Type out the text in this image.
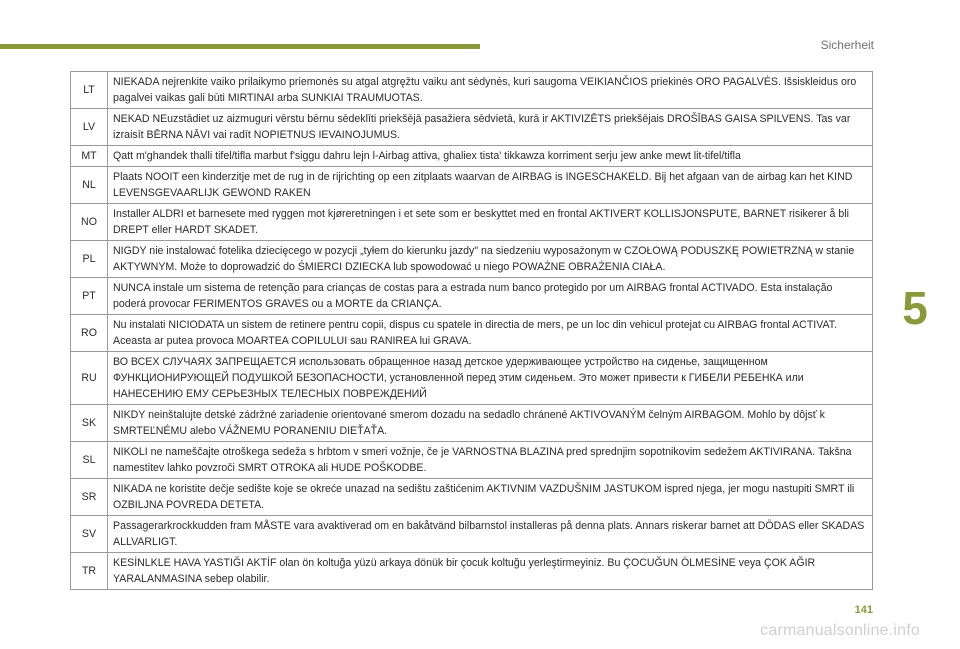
Sicherheit
LT	NIEKADA nejrenkite vaiko prilaikymo priemonės su atgal atgręžtu vaiku ant sėdynės, kuri saugoma VEIKIANČIOS priekinės ORO PAGALVĖS. Išsiskleidus oro pagalvei vaikas gali būti MIRTINAI arba SUNKIAI TRAUMUOTAS.
LV	NEKAD NEuzstādiet uz aizmuguri vērstu bērnu sēdeklīti priekšējā pasažiera sēdvietā, kurā ir AKTIVIZĒTS priekšējais DROŠĪBAS GAISA SPILVENS. Tas var izraisīt BĒRNA NĀVI vai radīt NOPIETNUS IEVAINOJUMUS.
MT	Qatt m'ghandek thalli tifel/tifla marbut f'siggu dahru lejn l-Airbag attiva, ghaliex tista' tikkawza korriment serju jew anke mewt lit-tifel/tifla
NL	Plaats NOOIT een kinderzitje met de rug in de rijrichting op een zitplaats waarvan de AIRBAG is INGESCHAKELD. Bij het afgaan van de airbag kan het KIND LEVENSGEVAARLIJK GEWOND RAKEN
NO	Installer ALDRI et barnesete med ryggen mot kjøreretningen i et sete som er beskyttet med en frontal AKTIVERT KOLLISJONSPUTE, BARNET risikerer å bli DREPT eller HARDT SKADET.
PL	NIGDY nie instalować fotelika dziecięcego w pozycji „tyłem do kierunku jazdy" na siedzeniu wyposażonym w CZOŁOWĄ PODUSZKĘ POWIETRZNĄ w stanie AKTYWNYM. Może to doprowadzić do ŚMIERCI DZIECKA lub spowodować u niego POWAŻNE OBRAŻENIA CIAŁA.
PT	NUNCA instale um sistema de retenção para crianças de costas para a estrada num banco protegido por um AIRBAG frontal ACTIVADO. Esta instalação poderá provocar FERIMENTOS GRAVES ou a MORTE da CRIANÇA.
RO	Nu instalati NICIODATA un sistem de retinere pentru copii, dispus cu spatele in directia de mers, pe un loc din vehicul protejat cu AIRBAG frontal ACTIVAT. Aceasta ar putea provoca MOARTEA COPILULUI sau RANIREA lui GRAVA.
RU	ВО ВСЕХ СЛУЧАЯХ ЗАПРЕЩАЕТСЯ использовать обращенное назад детское удерживающее устройство на сиденье, защищенном ФУНКЦИОНИРУЮЩЕЙ ПОДУШКОЙ БЕЗОПАСНОСТИ, установленной перед этим сиденьем. Это может привести к ГИБЕЛИ РЕБЕНКА или НАНЕСЕНИЮ ЕМУ СЕРЬЕЗНЫХ ТЕЛЕСНЫХ ПОВРЕЖДЕНИЙ
SK	NIKDY neinštalujte detské zádržné zariadenie orientované smerom dozadu na sedadlo chránené AKTIVOVANÝM čelným AIRBAGOM. Mohlo by dôjsť k SMRTEĽNÉMU alebo VÁŽNEMU PORANENIU DIEŤAŤA.
SL	NIKOLI ne nameščajte otroškega sedeža s hrbtom v smeri vožnje, če je VARNOSTNA BLAZINA pred sprednjim sopotnikovim sedežem AKTIVIRANA. Takšna namestitev lahko povzroči SMRT OTROKA ali HUDE POŠKODBE.
SR	NIKADA ne koristite dečje sedište koje se okreće unazad na sedištu zaštićenim AKTIVNIM VAZDUŠNIM JASTUKOM ispred njega, jer mogu nastupiti SMRT ili OZBILJNA POVREDA DETETA.
SV	Passagerarkrockkudden fram MÅSTE vara avaktiverad om en bakåtvänd bilbarnstol installeras på denna plats. Annars riskerar barnet att DÖDAS eller SKADAS ALLVARLIGT.
TR	KESİNLKLE HAVA YASTIĞI AKTİF olan ön koltuğa yüzü arkaya dönük bir çocuk koltuğu yerleştirmeyiniz. Bu ÇOCUĞUN ÖLMESİNE veya ÇOK AĞIR YARALANMASINA sebep olabilir.
5
141
carmanualsonline.info
